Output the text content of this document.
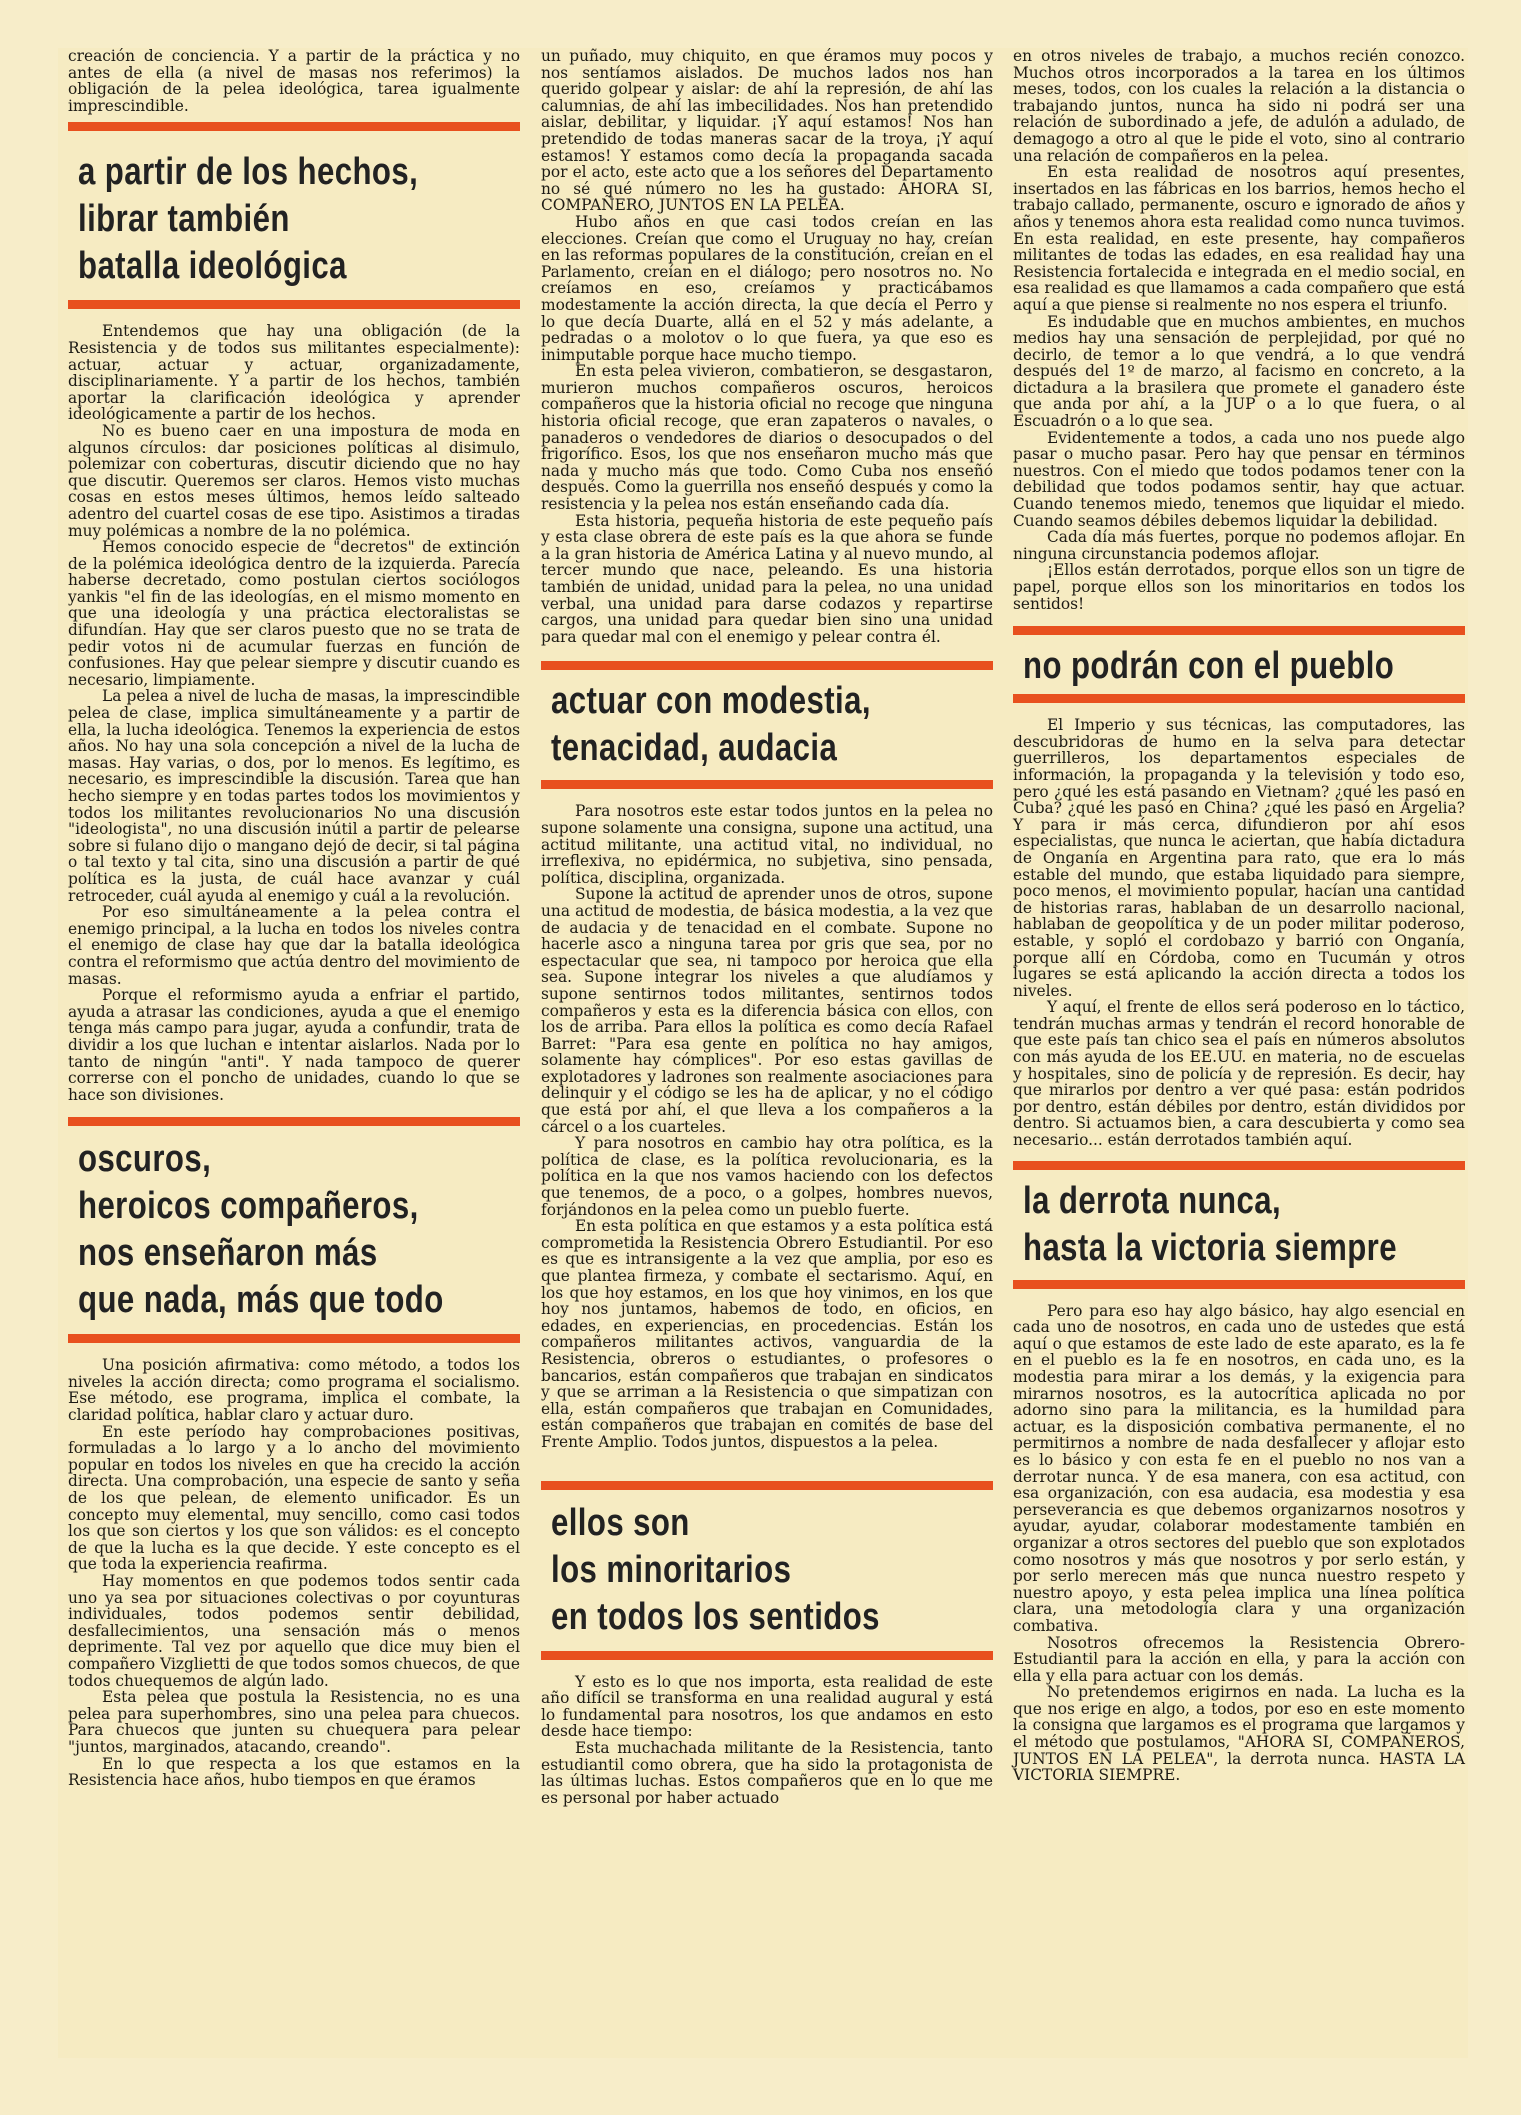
creación de conciencia. Y a partir de la práctica y no antes de ella (a nivel de masas nos referimos) la obligación de la pelea ideológica, tarea igualmente imprescindible.

a partir de los hechos,
librar también
batalla ideológica

Entendemos que hay una obligación (de la Resistencia y de todos sus militantes especialmente): actuar, actuar y actuar, organizadamente, disciplinariamente. Y a partir de los hechos, también aportar la clarificación ideológica y aprender ideológicamente a partir de los hechos.

No es bueno caer en una impostura de moda en algunos círculos: dar posiciones políticas al disimulo, polemizar con coberturas, discutir diciendo que no hay que discutir. Queremos ser claros. Hemos visto muchas cosas en estos meses últimos, hemos leído salteado adentro del cuartel cosas de ese tipo. Asistimos a tiradas muy polémicas a nombre de la no polémica.

Hemos conocido especie de "decretos" de extinción de la polémica ideológica dentro de la izquierda. Parecía haberse decretado, como postulan ciertos sociólogos yankis "el fin de las ideologías, en el mismo momento en que una ideología y una práctica electoralistas se difundían. Hay que ser claros puesto que no se trata de pedir votos ni de acumular fuerzas en función de confusiones. Hay que pelear siempre y discutir cuando es necesario, limpiamente.

La pelea a nivel de lucha de masas, la imprescindible pelea de clase, implica simultáneamente y a partir de ella, la lucha ideológica. Tenemos la experiencia de estos años. No hay una sola concepción a nivel de la lucha de masas. Hay varias, o dos, por lo menos. Es legítimo, es necesario, es imprescindible la discusión. Tarea que han hecho siempre y en todas partes todos los movimientos y todos los militantes revolucionarios No una discusión "ideologista", no una discusión inútil a partir de pelearse sobre si fulano dijo o mangano dejó de decir, si tal página o tal texto y tal cita, sino una discusión a partir de qué política es la justa, de cuál hace avanzar y cuál retroceder, cuál ayuda al enemigo y cuál a la revolución.

Por eso simultáneamente a la pelea contra el enemigo principal, a la lucha en todos los niveles contra el enemigo de clase hay que dar la batalla ideológica contra el reformismo que actúa dentro del movimiento de masas.

Porque el reformismo ayuda a enfriar el partido, ayuda a atrasar las condiciones, ayuda a que el enemigo tenga más campo para jugar, ayuda a confundir, trata de dividir a los que luchan e intentar aislarlos. Nada por lo tanto de ningún "anti". Y nada tampoco de querer correrse con el poncho de unidades, cuando lo que se hace son divisiones.

oscuros,
heroicos compañeros,
nos enseñaron más
que nada, más que todo

Una posición afirmativa: como método, a todos los niveles la acción directa; como programa el socialismo. Ese método, ese programa, implica el combate, la claridad política, hablar claro y actuar duro.

En este período hay comprobaciones positivas, formuladas a lo largo y a lo ancho del movimiento popular en todos los niveles en que ha crecido la acción directa. Una comprobación, una especie de santo y seña de los que pelean, de elemento unificador. Es un concepto muy elemental, muy sencillo, como casi todos los que son ciertos y los que son válidos: es el concepto de que la lucha es la que decide. Y este concepto es el que toda la experiencia reafirma.

Hay momentos en que podemos todos sentir cada uno ya sea por situaciones colectivas o por coyunturas individuales, todos podemos sentir debilidad, desfallecimientos, una sensación más o menos deprimente. Tal vez por aquello que dice muy bien el compañero Vizglietti de que todos somos chuecos, de que todos chuequemos de algún lado.

Esta pelea que postula la Resistencia, no es una pelea para superhombres, sino una pelea para chuecos. Para chuecos que junten su chuequera para pelear "juntos, marginados, atacando, creando".

En lo que respecta a los que estamos en la Resistencia hace años, hubo tiempos en que éramos

un puñado, muy chiquito, en que éramos muy pocos y nos sentíamos aislados. De muchos lados nos han querido golpear y aislar: de ahí la represión, de ahí las calumnias, de ahí las imbecilidades. Nos han pretendido aislar, debilitar, y liquidar. ¡Y aquí estamos! Nos han pretendido de todas maneras sacar de la troya, ¡Y aquí estamos! Y estamos como decía la propaganda sacada por el acto, este acto que a los señores del Departamento no sé qué número no les ha gustado: AHORA SI, COMPAÑERO, JUNTOS EN LA PELEA.

Hubo años en que casi todos creían en las elecciones. Creían que como el Uruguay no hay, creían en las reformas populares de la constitución, creían en el Parlamento, creían en el diálogo; pero nosotros no. No creíamos en eso, creíamos y practicábamos modestamente la acción directa, la que decía el Perro y lo que decía Duarte, allá en el 52 y más adelante, a pedradas o a molotov o lo que fuera, ya que eso es inimputable porque hace mucho tiempo.

En esta pelea vivieron, combatieron, se desgastaron, murieron muchos compañeros oscuros, heroicos compañeros que la historia oficial no recoge que ninguna historia oficial recoge, que eran zapateros o navales, o panaderos o vendedores de diarios o desocupados o del frigorífico. Esos, los que nos enseñaron mucho más que nada y mucho más que todo. Como Cuba nos enseñó después. Como la guerrilla nos enseñó después y como la resistencia y la pelea nos están enseñando cada día.

Esta historia, pequeña historia de este pequeño país y esta clase obrera de este país es la que ahora se funde a la gran historia de América Latina y al nuevo mundo, al tercer mundo que nace, peleando. Es una historia también de unidad, unidad para la pelea, no una unidad verbal, una unidad para darse codazos y repartirse cargos, una unidad para quedar bien sino una unidad para quedar mal con el enemigo y pelear contra él.

actuar con modestia,
tenacidad, audacia

Para nosotros este estar todos juntos en la pelea no supone solamente una consigna, supone una actitud, una actitud militante, una actitud vital, no individual, no irreflexiva, no epidérmica, no subjetiva, sino pensada, política, disciplina, organizada.

Supone la actitud de aprender unos de otros, supone una actitud de modestia, de básica modestia, a la vez que de audacia y de tenacidad en el combate. Supone no hacerle asco a ninguna tarea por gris que sea, por no espectacular que sea, ni tampoco por heroica que ella sea. Supone integrar los niveles a que aludíamos y supone sentirnos todos militantes, sentirnos todos compañeros y esta es la diferencia básica con ellos, con los de arriba. Para ellos la política es como decía Rafael Barret: "Para esa gente en política no hay amigos, solamente hay cómplices". Por eso estas gavillas de explotadores y ladrones son realmente asociaciones para delinquir y el código se les ha de aplicar, y no el código que está por ahí, el que lleva a los compañeros a la cárcel o a los cuarteles.

Y para nosotros en cambio hay otra política, es la política de clase, es la política revolucionaria, es la política en la que nos vamos haciendo con los defectos que tenemos, de a poco, o a golpes, hombres nuevos, forjándonos en la pelea como un pueblo fuerte.

En esta política en que estamos y a esta política está comprometida la Resistencia Obrero Estudiantil. Por eso es que es intransigente a la vez que amplia, por eso es que plantea firmeza, y combate el sectarismo. Aquí, en los que hoy estamos, en los que hoy vinimos, en los que hoy nos juntamos, habemos de todo, en oficios, en edades, en experiencias, en procedencias. Están los compañeros militantes activos, vanguardia de la Resistencia, obreros o estudiantes, o profesores o bancarios, están compañeros que trabajan en sindicatos y que se arriman a la Resistencia o que simpatizan con ella, están compañeros que trabajan en Comunidades, están compañeros que trabajan en comités de base del Frente Amplio. Todos juntos, dispuestos a la pelea.

ellos son
los minoritarios
en todos los sentidos

Y esto es lo que nos importa, esta realidad de este año difícil se transforma en una realidad augural y está lo fundamental para nosotros, los que andamos en esto desde hace tiempo:

Esta muchachada militante de la Resistencia, tanto estudiantil como obrera, que ha sido la protagonista de las últimas luchas. Estos compañeros que en lo que me es personal por haber actuado

en otros niveles de trabajo, a muchos recién conozco. Muchos otros incorporados a la tarea en los últimos meses, todos, con los cuales la relación a la distancia o trabajando juntos, nunca ha sido ni podrá ser una relación de subordinado a jefe, de adulón a adulado, de demagogo a otro al que le pide el voto, sino al contrario una relación de compañeros en la pelea.

En esta realidad de nosotros aquí presentes, insertados en las fábricas en los barrios, hemos hecho el trabajo callado, permanente, oscuro e ignorado de años y años y tenemos ahora esta realidad como nunca tuvimos. En esta realidad, en este presente, hay compañeros militantes de todas las edades, en esa realidad hay una Resistencia fortalecida e integrada en el medio social, en esa realidad es que llamamos a cada compañero que está aquí a que piense si realmente no nos espera el triunfo.

Es indudable que en muchos ambientes, en muchos medios hay una sensación de perplejidad, por qué no decirlo, de temor a lo que vendrá, a lo que vendrá después del 1º de marzo, al facismo en concreto, a la dictadura a la brasilera que promete el ganadero éste que anda por ahí, a la JUP o a lo que fuera, o al Escuadrón o a lo que sea.

Evidentemente a todos, a cada uno nos puede algo pasar o mucho pasar. Pero hay que pensar en términos nuestros. Con el miedo que todos podamos tener con la debilidad que todos podamos sentir, hay que actuar. Cuando tenemos miedo, tenemos que liquidar el miedo. Cuando seamos débiles debemos liquidar la debilidad.

Cada día más fuertes, porque no podemos aflojar. En ninguna circunstancia podemos aflojar.

¡Ellos están derrotados, porque ellos son un tigre de papel, porque ellos son los minoritarios en todos los sentidos!

no podrán con el pueblo

El Imperio y sus técnicas, las computadores, las descubridoras de humo en la selva para detectar guerrilleros, los departamentos especiales de información, la propaganda y la televisión y todo eso, pero ¿qué les está pasando en Vietnam? ¿qué les pasó en Cuba? ¿qué les pasó en China? ¿qué les pasó en Argelia? Y para ir más cerca, difundieron por ahí esos especialistas, que nunca le aciertan, que había dictadura de Onganía en Argentina para rato, que era lo más estable del mundo, que estaba liquidado para siempre, poco menos, el movimiento popular, hacían una cantidad de historias raras, hablaban de un desarrollo nacional, hablaban de geopolítica y de un poder militar poderoso, estable, y sopló el cordobazo y barrió con Onganía, porque allí en Córdoba, como en Tucumán y otros lugares se está aplicando la acción directa a todos los niveles.

Y aquí, el frente de ellos será poderoso en lo táctico, tendrán muchas armas y tendrán el record honorable de que este país tan chico sea el país en números absolutos con más ayuda de los EE.UU. en materia, no de escuelas y hospitales, sino de policía y de represión. Es decir, hay que mirarlos por dentro a ver qué pasa: están podridos por dentro, están débiles por dentro, están divididos por dentro. Si actuamos bien, a cara descubierta y como sea necesario... están derrotados también aquí.

la derrota nunca,
hasta la victoria siempre

Pero para eso hay algo básico, hay algo esencial en cada uno de nosotros, en cada uno de ustedes que está aquí o que estamos de este lado de este aparato, es la fe en el pueblo es la fe en nosotros, en cada uno, es la modestia para mirar a los demás, y la exigencia para mirarnos nosotros, es la autocrítica aplicada no por adorno sino para la militancia, es la humildad para actuar, es la disposición combativa permanente, el no permitirnos a nombre de nada desfallecer y aflojar esto es lo básico y con esta fe en el pueblo no nos van a derrotar nunca. Y de esa manera, con esa actitud, con esa organización, con esa audacia, esa modestia y esa perseverancia es que debemos organizarnos nosotros y ayudar, ayudar, colaborar modestamente también en organizar a otros sectores del pueblo que son explotados como nosotros y más que nosotros y por serlo están, y por serlo merecen más que nunca nuestro respeto y nuestro apoyo, y esta pelea implica una línea política clara, una metodología clara y una organización combativa.

Nosotros ofrecemos la Resistencia Obrero-Estudiantil para la acción en ella, y para la acción con ella y ella para actuar con los demás.

No pretendemos erigirnos en nada. La lucha es la que nos erige en algo, a todos, por eso en este momento la consigna que largamos es el programa que largamos y el método que postulamos, "AHORA SI, COMPAÑEROS, JUNTOS EN LA PELEA", la derrota nunca. HASTA LA VICTORIA SIEMPRE.
